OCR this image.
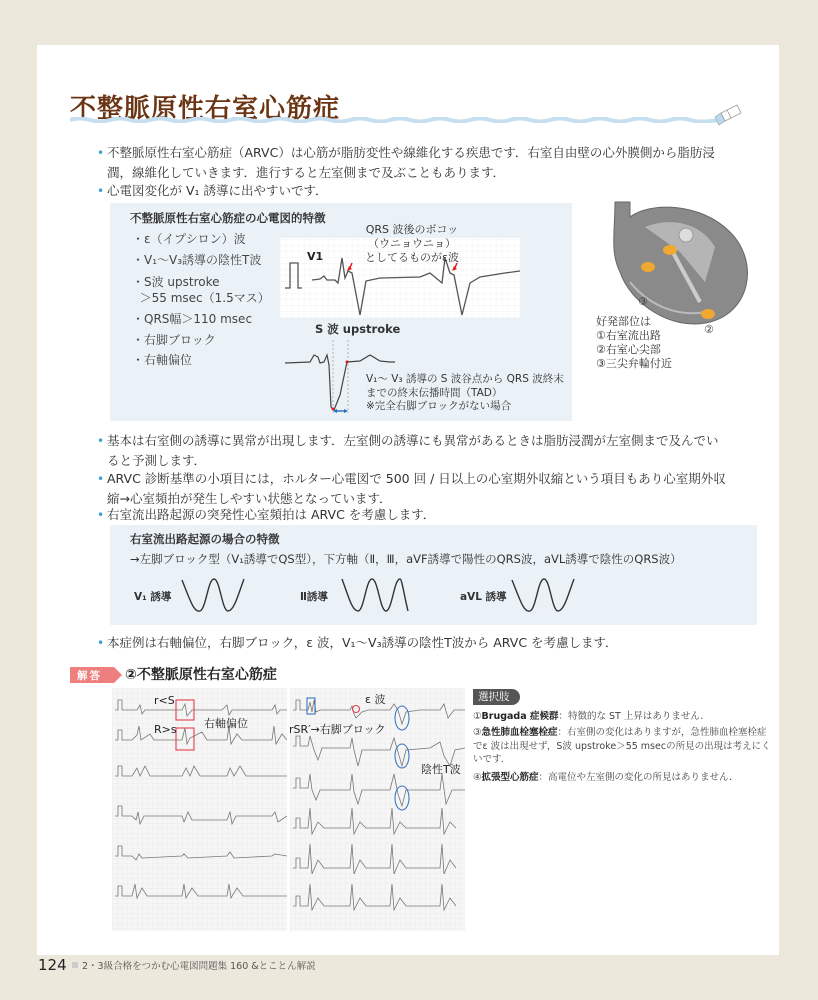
不整脈原性右室心筋症
• 不整脈原性右室心筋症（ARVC）は心筋が脂肪変性や線維化する疾患です．右室自由壁の心外膜側から脂肪浸
潤，線維化していきます．進行すると左室側まで及ぶこともあります．
• 心電図変化が V₁ 誘導に出やすいです．
不整脈原性右室心筋症の心電図的特徴
・ε（イプシロン）波
・V₁～V₃誘導の陰性T波
・S波 upstroke
＞55 msec（1.5マス）
・QRS幅＞110 msec
・右脚ブロック
・右軸偏位
V1
QRS 波後のボコッ
（ウニョウニョ）
としてるものがε波
S 波 upstroke
V₁～ V₃ 誘導の S 波谷点から QRS 波終末
までの終末伝播時間（TAD）
※完全右脚ブロックがない場合
③
②
好発部位は
①右室流出路
②右室心尖部
③三尖弁輪付近
• 基本は右室側の誘導に異常が出現します．左室側の誘導にも異常があるときは脂肪浸潤が左室側まで及んでい
ると予測します．
• ARVC 診断基準の小項目には，ホルター心電図で 500 回 / 日以上の心室期外収縮という項目もあり心室期外収
縮→心室頻拍が発生しやすい状態となっています．
• 右室流出路起源の突発性心室頻拍は ARVC を考慮します．
右室流出路起源の場合の特徴
→左脚ブロック型（V₁誘導でQS型），下方軸（Ⅱ，Ⅲ，aVF誘導で陽性のQRS波，aVL誘導で陰性のQRS波）
V₁ 誘導	Ⅱ誘導	aVL 誘導
• 本症例は右軸偏位，右脚ブロック，ε 波，V₁～V₃誘導の陰性T波から ARVC を考慮します．
解答 ②不整脈原性右室心筋症
r<S
R>s 右軸偏位
ε 波
rSR′→右脚ブロック
陰性T波
選択肢
①Brugada 症候群：特徴的な ST 上昇はありません．
③急性肺血栓塞栓症：右室側の変化はありますが，急性肺血栓塞栓症でε 波は出現せず，S波 upstroke＞55 msecの所見の出現は考えにくいです．
④拡張型心筋症：高電位や左室側の変化の所見はありません．
124 2・3級合格をつかむ心電図問題集 160 &とことん解説
